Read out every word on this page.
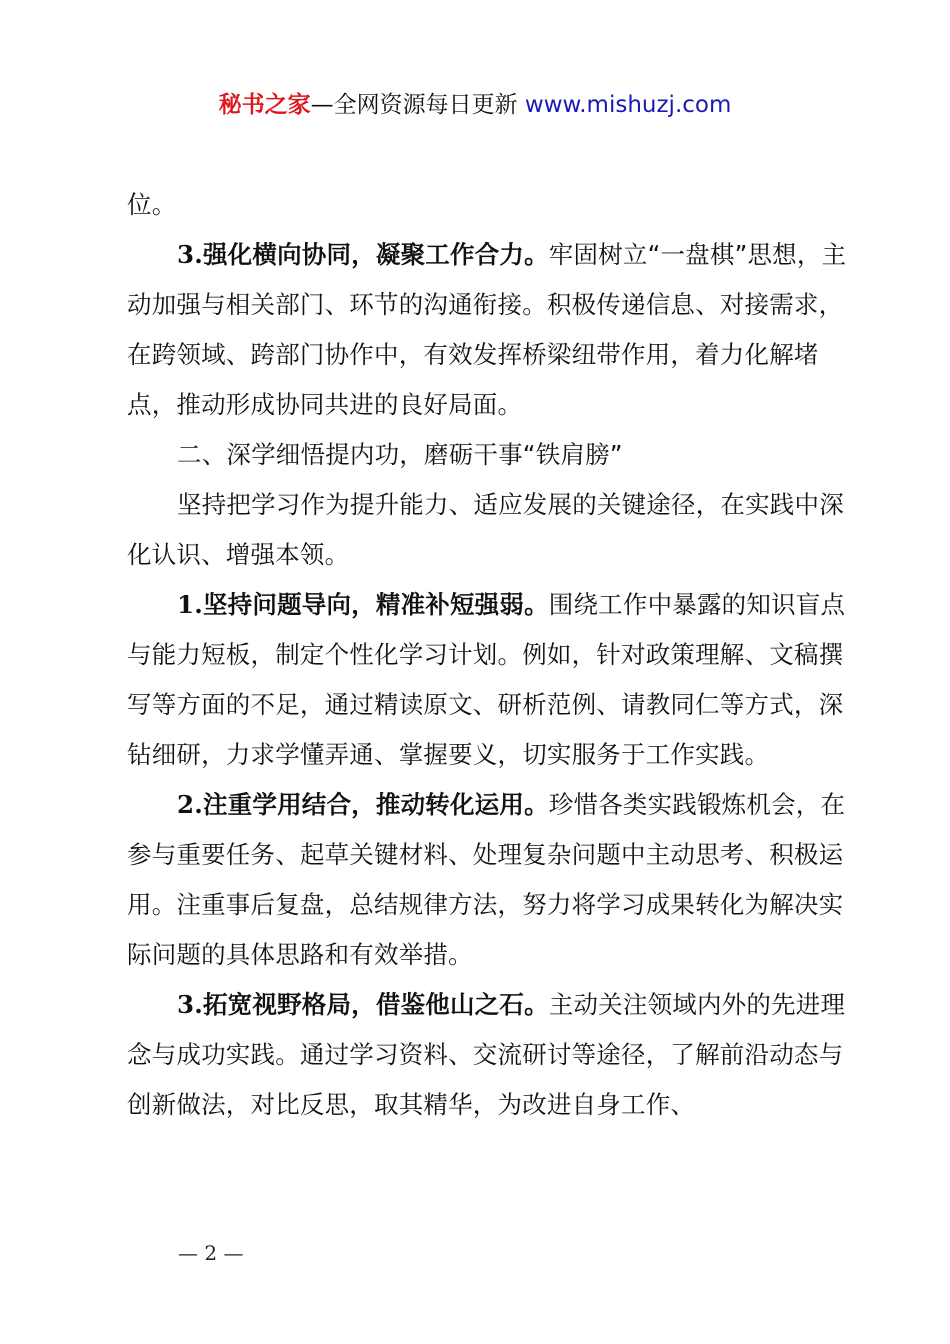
秘书之家—全网资源每日更新 www.mishuzj.com

位。

3.强化横向协同，凝聚工作合力。牢固树立“一盘棋”思想，主动加强与相关部门、环节的沟通衔接。积极传递信息、对接需求，在跨领域、跨部门协作中，有效发挥桥梁纽带作用，着力化解堵点，推动形成协同共进的良好局面。

二、深学细悟提内功，磨砺干事“铁肩膀”

坚持把学习作为提升能力、适应发展的关键途径，在实践中深化认识、增强本领。

1.坚持问题导向，精准补短强弱。围绕工作中暴露的知识盲点与能力短板，制定个性化学习计划。例如，针对政策理解、文稿撰写等方面的不足，通过精读原文、研析范例、请教同仁等方式，深钻细研，力求学懂弄通、掌握要义，切实服务于工作实践。

2.注重学用结合，推动转化运用。珍惜各类实践锻炼机会，在参与重要任务、起草关键材料、处理复杂问题中主动思考、积极运用。注重事后复盘，总结规律方法，努力将学习成果转化为解决实际问题的具体思路和有效举措。

3.拓宽视野格局，借鉴他山之石。主动关注领域内外的先进理念与成功实践。通过学习资料、交流研讨等途径，了解前沿动态与创新做法，对比反思，取其精华，为改进自身工作、

— 2 —
